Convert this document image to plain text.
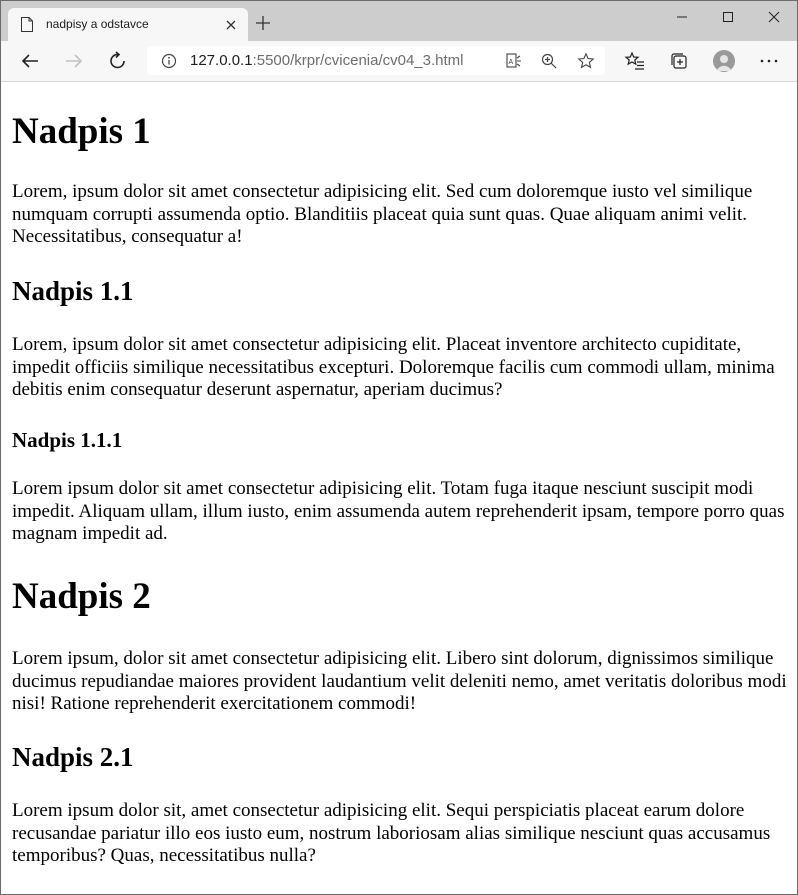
nadpisy a odstavce
127.0.0.1:5500/krpr/cvicenia/cv04_3.html	A
Nadpis 1

Lorem, ipsum dolor sit amet consectetur adipisicing elit. Sed cum doloremque iusto vel similique numquam corrupti assumenda optio. Blanditiis placeat quia sunt quas. Quae aliquam animi velit. Necessitatibus, consequatur a!

Nadpis 1.1

Lorem, ipsum dolor sit amet consectetur adipisicing elit. Placeat inventore architecto cupiditate, impedit officiis similique necessitatibus excepturi. Doloremque facilis cum commodi ullam, minima debitis enim consequatur deserunt aspernatur, aperiam ducimus?

Nadpis 1.1.1

Lorem ipsum dolor sit amet consectetur adipisicing elit. Totam fuga itaque nesciunt suscipit modi impedit. Aliquam ullam, illum iusto, enim assumenda autem reprehenderit ipsam, tempore porro quas magnam impedit ad.

Nadpis 2

Lorem ipsum, dolor sit amet consectetur adipisicing elit. Libero sint dolorum, dignissimos similique ducimus repudiandae maiores provident laudantium velit deleniti nemo, amet veritatis doloribus modi nisi! Ratione reprehenderit exercitationem commodi!

Nadpis 2.1

Lorem ipsum dolor sit, amet consectetur adipisicing elit. Sequi perspiciatis placeat earum dolore recusandae pariatur illo eos iusto eum, nostrum laboriosam alias similique nesciunt quas accusamus temporibus? Quas, necessitatibus nulla?
